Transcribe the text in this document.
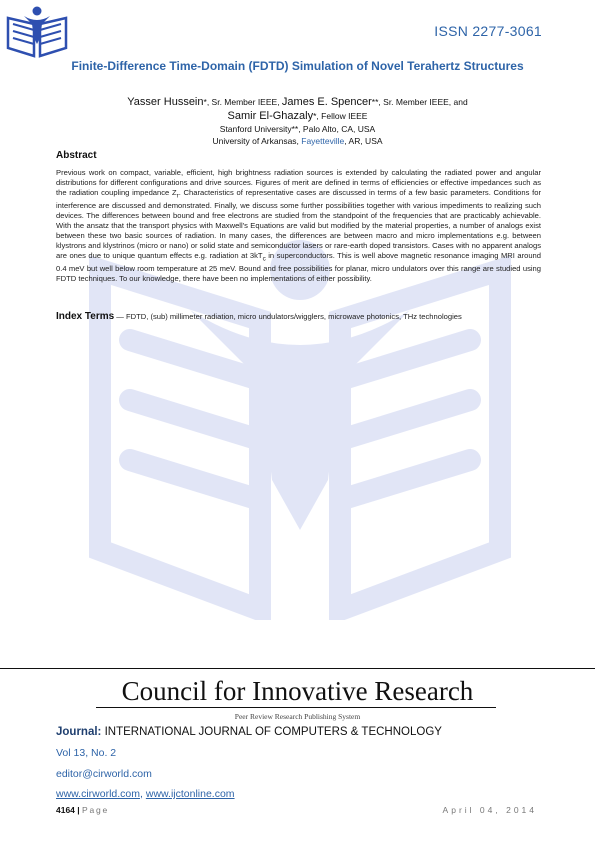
ISSN 2277-3061
Finite-Difference Time-Domain (FDTD) Simulation of Novel Terahertz Structures
Yasser Hussein*, Sr. Member IEEE, James E. Spencer**, Sr. Member IEEE, and
Samir El-Ghazaly*, Fellow IEEE
Stanford University**, Palo Alto, CA, USA
University of Arkansas, Fayetteville, AR, USA
Abstract

Previous work on compact, variable, efficient, high brightness radiation sources is extended by calculating the radiated power and angular distributions for different configurations and drive sources. Figures of merit are defined in terms of efficiencies or effective impedances such as the radiation coupling impedance $Z_r$. Characteristics of representative cases are discussed in terms of a few basic parameters. Conditions for interference are discussed and demonstrated. Finally, we discuss some further possibilities together with various impediments to realizing such devices. The differences between bound and free electrons are studied from the standpoint of the frequencies that are practicably achievable. With the ansatz that the transport physics with Maxwell's Equations are valid but modified by the material properties, a number of analogs exist between these two basic sources of radiation. In many cases, the differences are between macro and micro implementations e.g. between klystrons and klystrinos (micro or nano) or solid state and semiconductor lasers or rare-earth doped transistors. Cases with no apparent analogs are ones due to unique quantum effects e.g. radiation at $3kT_c$ in superconductors. This is well above magnetic resonance imaging MRI around 0.4 meV but well below room temperature at 25 meV. Bound and free possibilities for planar, micro undulators over this range are studied using FDTD techniques. To our knowledge, there have been no implementations of either possibility.

Index Terms — FDTD, (sub) millimeter radiation, micro undulators/wigglers, microwave photonics, THz technologies
Council for Innovative Research
Peer Review Research Publishing System
Journal: INTERNATIONAL JOURNAL OF COMPUTERS & TECHNOLOGY
Vol 13, No. 2
editor@cirworld.com
www.cirworld.com, www.ijctonline.com
4164 | Page	April 04, 2014
